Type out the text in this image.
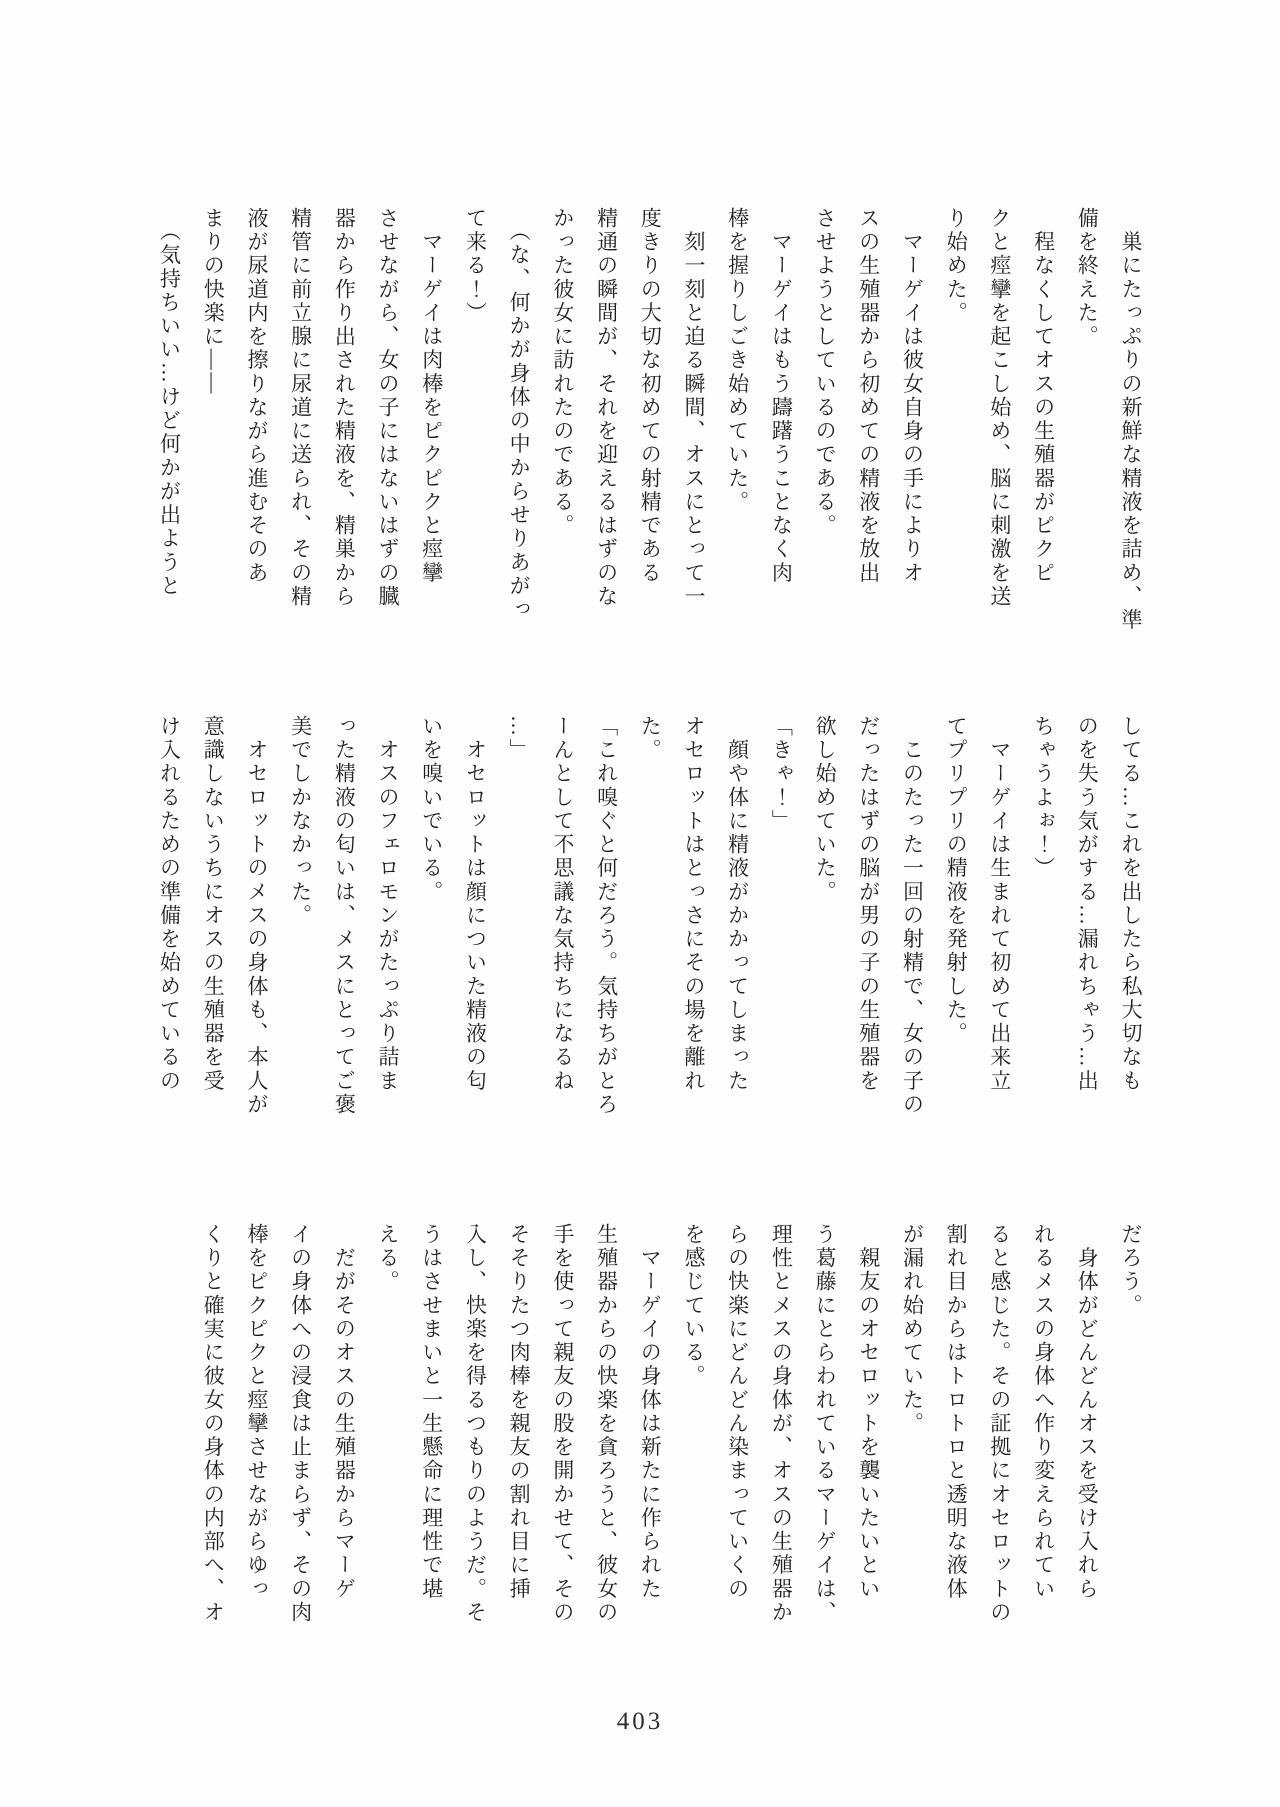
　巣にたっぷりの新鮮な精液を詰め、準
備を終えた。
　程なくしてオスの生殖器がピクピ
クと痙攣を起こし始め、脳に刺激を送
り始めた。
　マーゲイは彼女自身の手によりオ
スの生殖器から初めての精液を放出
させようとしているのである。
　マーゲイはもう躊躇うことなく肉
棒を握りしごき始めていた。
　刻一刻と迫る瞬間、オスにとって一
度きりの大切な初めての射精である
精通の瞬間が、それを迎えるはずのな
かった彼女に訪れたのである。
　（な、何かが身体の中からせりあがっ
て来る！）
　マーゲイは肉棒をピクピクと痙攣
させながら、女の子にはないはずの臓
器から作り出された精液を、精巣から
精管に前立腺に尿道に送られ、その精
液が尿道内を擦りながら進むそのあ
まりの快楽に――
　（気持ちいい…けど何かが出ようと
してる…これを出したら私大切なも
のを失う気がする…漏れちゃう…出
ちゃうよぉ！）
　マーゲイは生まれて初めて出来立
てプリプリの精液を発射した。
　このたった一回の射精で、女の子の
だったはずの脳が男の子の生殖器を
欲し始めていた。
「きゃ！」
　顔や体に精液がかかってしまった
オセロットはとっさにその場を離れ
た。
「これ嗅ぐと何だろう。気持ちがとろ
ーんとして不思議な気持ちになるね
…」
　オセロットは顔についた精液の匂
いを嗅いでいる。
　オスのフェロモンがたっぷり詰ま
った精液の匂いは、メスにとってご褒
美でしかなかった。
　オセロットのメスの身体も、本人が
意識しないうちにオスの生殖器を受
け入れるための準備を始めているの
だろう。
　身体がどんどんオスを受け入れら
れるメスの身体へ作り変えられてい
ると感じた。その証拠にオセロットの
割れ目からはトロトロと透明な液体
が漏れ始めていた。
　親友のオセロットを襲いたいとい
う葛藤にとらわれているマーゲイは、
理性とメスの身体が、オスの生殖器か
らの快楽にどんどん染まっていくの
を感じている。
　マーゲイの身体は新たに作られた
生殖器からの快楽を貪ろうと、彼女の
手を使って親友の股を開かせて、その
そそりたつ肉棒を親友の割れ目に挿
入し、快楽を得るつもりのようだ。そ
うはさせまいと一生懸命に理性で堪
える。
　だがそのオスの生殖器からマーゲ
イの身体への浸食は止まらず、その肉
棒をピクピクと痙攣させながらゆっ
くりと確実に彼女の身体の内部へ、オ
403
